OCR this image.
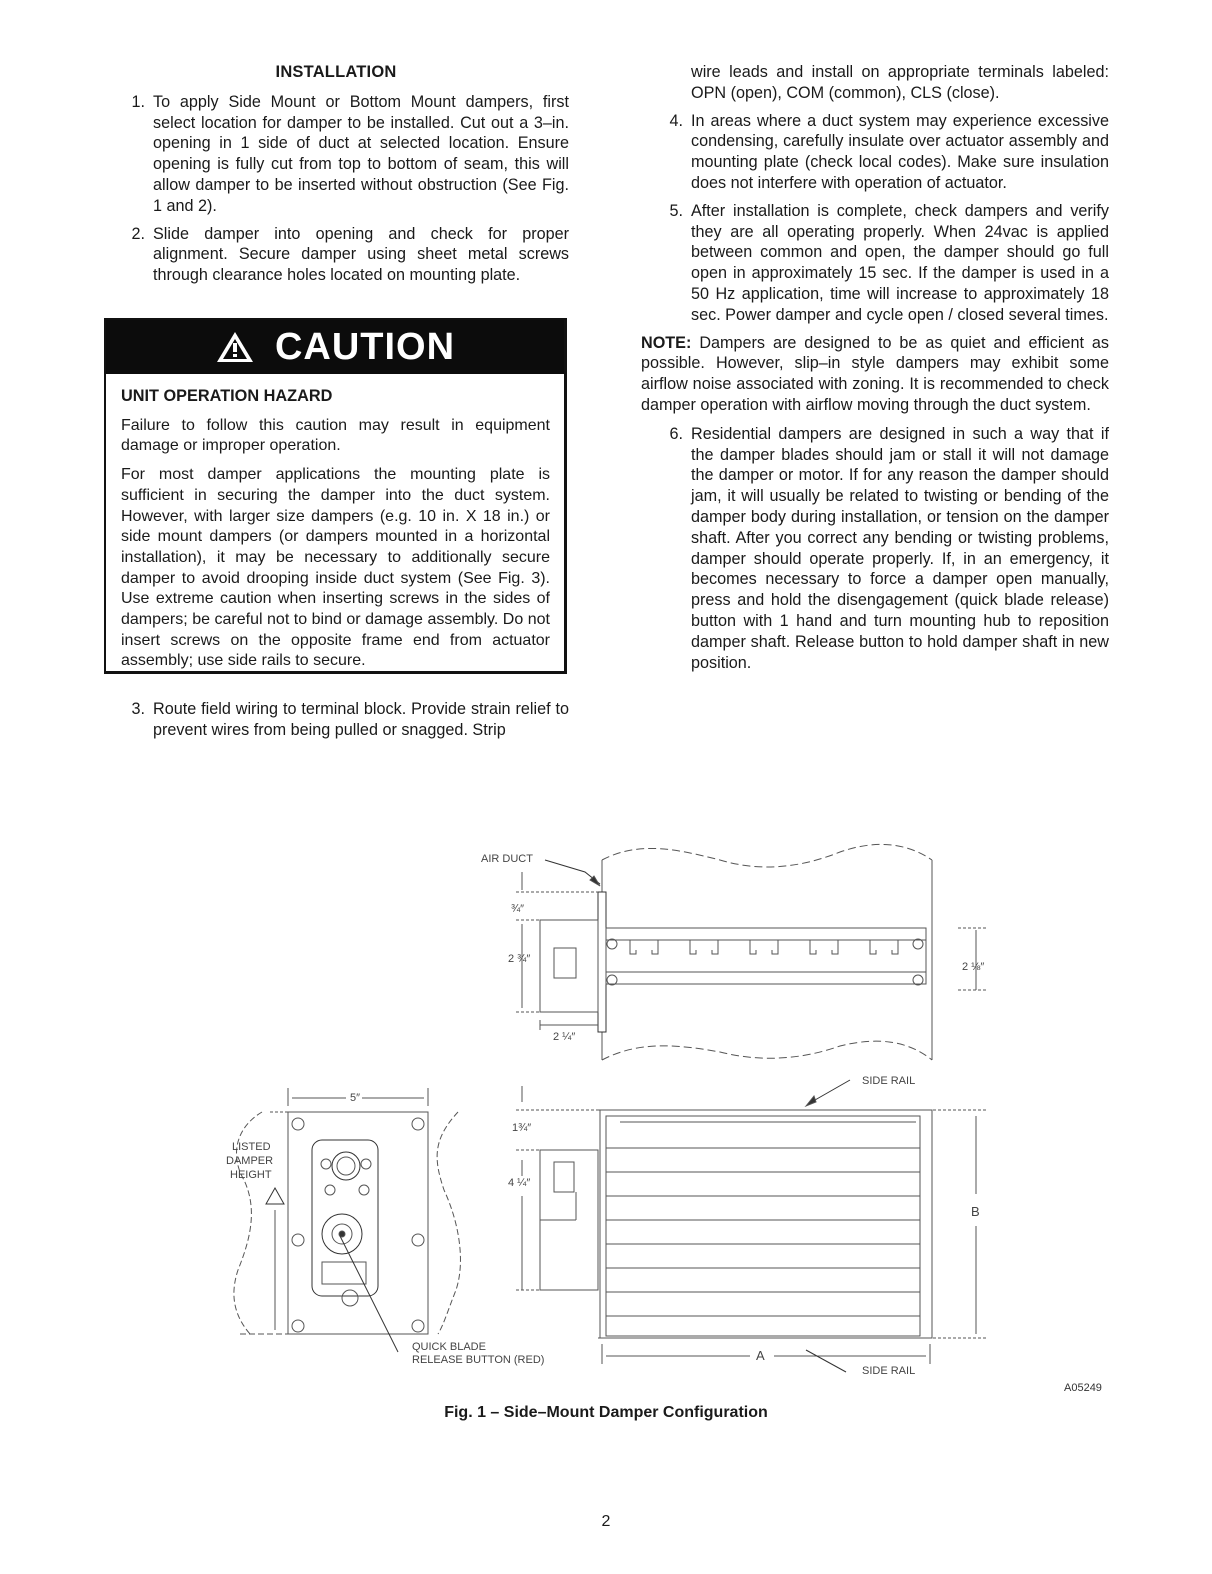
INSTALLATION
1. To apply Side Mount or Bottom Mount dampers, first select location for damper to be installed. Cut out a 3–in. opening in 1 side of duct at selected location. Ensure opening is fully cut from top to bottom of seam, this will allow damper to be inserted without obstruction (See Fig. 1 and 2).
2. Slide damper into opening and check for proper alignment. Secure damper using sheet metal screws through clearance holes located on mounting plate.
CAUTION
UNIT OPERATION HAZARD

Failure to follow this caution may result in equipment damage or improper operation.

For most damper applications the mounting plate is sufficient in securing the damper into the duct system. However, with larger size dampers (e.g. 10 in. X 18 in.) or side mount dampers (or dampers mounted in a horizontal installation), it may be necessary to additionally secure damper to avoid drooping inside duct system (See Fig. 3). Use extreme caution when inserting screws in the sides of dampers; be careful not to bind or damage assembly. Do not insert screws on the opposite frame end from actuator assembly; use side rails to secure.

3. Route field wiring to terminal block. Provide strain relief to prevent wires from being pulled or snagged. Strip
wire leads and install on appropriate terminals labeled: OPN (open), COM (common), CLS (close).
4. In areas where a duct system may experience excessive condensing, carefully insulate over actuator assembly and mounting plate (check local codes). Make sure insulation does not interfere with operation of actuator.
5. After installation is complete, check dampers and verify they are all operating properly. When 24vac is applied between common and open, the damper should go full open in approximately 15 sec. If the damper is used in a 50 Hz application, time will increase to approximately 18 sec. Power damper and cycle open / closed several times.
NOTE: Dampers are designed to be as quiet and efficient as possible. However, slip–in style dampers may exhibit some airflow noise associated with zoning. It is recommended to check damper operation with airflow moving through the duct system.
6. Residential dampers are designed in such a way that if the damper blades should jam or stall it will not damage the damper or motor. If for any reason the damper should jam, it will usually be related to twisting or bending of the damper body during installation, or tension on the damper shaft. After you correct any bending or twisting problems, damper should operate properly. If, in an emergency, it becomes necessary to force a damper open manually, press and hold the disengagement (quick blade release) button with 1 hand and turn mounting hub to reposition damper shaft. Release button to hold damper shaft in new position.
AIR DUCT
¾″
2 ¾″
2 ¼″
2 ⅛″
5″
1¾″
4 ¼″
LISTED
DAMPER
HEIGHT
SIDE RAIL
SIDE RAIL
B
A
QUICK BLADE
RELEASE BUTTON (RED)
A05249
Fig. 1 – Side–Mount Damper Configuration
2
